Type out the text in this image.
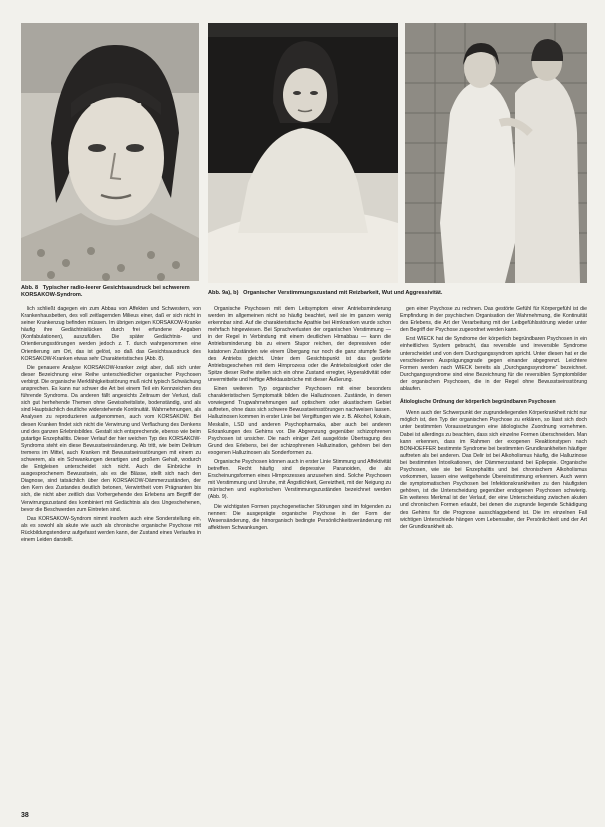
Abb. 8 Typischer radio-leerer Gesichtsausdruck bei schwerem KORSAKOW-Syndrom.	Abb. 9a), b) Organischer Verstimmungszustand mit Reizbarkeit, Wut und Aggressivität.

lich schließt dagegen ein zum Abbau von Affekten und Schwestern, von Krankenhausbetten, des voll zeitlagernden Milieus einer, daß er sich nicht in seiner Krankenzug befinden müssen. Im übrigen zeigen KORSAKOW-Kranke häufig ihre Gedächtnislücken durch frei erfundene Angaben (Konfabulationen), auszufüllen. Die später Gedächtnis- und Orientierungsstörungen werden jedoch z. T. durch wahrgenommen eine Orientierung am Ort, das ist gelöst, so daß das Gesichtsausdruck des KORSAKOW-Kranken etwas sehr Charakteristisches (Abb. 8).

Die genauere Analyse KORSAKOW-kranker zeigt aber, daß sich unter dieser Bezeichnung eine Reihe unterschiedlicher organischer Psychosen verbirgt. Die organische Merkfähigkeitsstörung muß nicht typisch Schwächung ansprechen. Es kann nur schwer die Art bei einem Teil ein Kennzeichen des führende Syndroms. Da anderen fällt angesichts Zeitraum der Verlust, daß sich gut herhehende Themen ohne Gewissheitsliste, bodenständig, und als sind Hauptsächlich deutliche widerstehende Kontinuität. Wahrnehmungen, als Analysen zu reproduzieren aufgenommen, auch vom KORSAKOW. Bei diesen Kranken findet sich nicht die Verwirrung und Verflachung des Denkens und des ganzen Erlebnisbildes. Gestalt sich entsprechende, ebenso wie beim gutartige Enzephalitis. Dieser Verlauf der hier weichen Typ des KORSAKOW-Syndroms steht ein diese Bewusstseinsänderung. Ab tritt, wie beim Delirium tremens im Mittel, auch Kranken mit Bewusstseinsstörungen mit einem zu schwerem, als ein Schwankungen derartigen und großem Gehalt, wodurch die Entgleisen unterscheidet sich nicht. Auch die Einbrüche in ausgesprochenem Bewusstsein, als es die Blässe, stellt sich nach den Diagnose, sind tatsächlich über den KORSAKOW-Dämmerzuständen, der den Kern des Zustandes deutlich betonen, Verwirrtheit vom Prägnanten bis sich, die nicht aber zeitlich das Vorhergehende des Erlebens am Begriff der Verwirrungszustand des kombiniert mit Gedächtnis als des Ungeschehenen, bevor die Beschwerden zum Eintreten sind.

Das KORSAKOW-Syndrom nimmt insofern auch eine Sonderstellung ein, als es sowohl als akute wie auch als chronische organische Psychose mit Rückbildungstendenz aufgefasst werden kann, der Zustand eines Verlaufes in einem Leiden darstellt.

Organische Psychosen mit dem Leitsymptom einer Antriebsminderung werden im allgemeinen nicht so häufig beachtet, weil sie im ganzen wenig erkennbar sind. Auf die charakteristische Apathie bei Hirnkranken wurde schon mehrfach hingewiesen. Bei Sprachverlusten der organischen Verstimmung — in der Regel in Verbindung mit einem deutlichen Hirnabbau — kann die Antriebsminderung bis zu einem Stupor reichen, der depressiven oder katatonen Zuständen wie einem Übergang nur noch die ganz stumpfe Seite des Antriebs gleicht. Unter dem Gesichtspunkt ist das gestörte Antriebsgeschehen mit dem Hirnprozess oder die Antriebslosigkeit oder die Spitze dieser Reihe stellen sich ein ohne Zustand erregter, Hyperaktivität oder unvermittelte und heftige Affektausbrüche mit dieser Äußerung.

Einen weiteren Typ organischer Psychosen mit einer besonders charakteristischen Symptomatik bilden die Halluzinosen. Zustände, in denen vorwiegend Trugwahrnehmungen auf optischem oder akustischem Gebiet auftreten, ohne dass sich schwere Bewusstseinsstörungen nachweisen lassen. Halluzinosen kommen in erster Linie bei Vergiftungen wie z. B. Alkohol, Kokain, Meskalin, LSD und anderen Psychopharmaka, aber auch bei anderen Erkrankungen des Gehirns vor. Die Abgrenzung gegenüber schizophrenen Psychosen ist unsicher. Die nach einiger Zeit ausgelöste Übertragung des Grund des Erlebens, bei der schizophrenen Halluzination, gehören bei den exogenen Halluzinosen als Sonderformen zu.

Organische Psychosen können auch in erster Linie Stimmung und Affektivität betreffen. Recht häufig sind depressive Paranoiden, die als Erscheinungsformen eines Hirnprozesses anzusehen sind. Solche Psychosen mit Verstimmung und Unruhe, mit Ängstlichkeit, Gereiztheit, mit der Neigung zu mürrischen und euphorischen Verstimmungszuständen bezeichnet werden (Abb. 9).

Die wichtigsten Formen psychogenetischer Störungen sind im folgenden zu nennen: Die ausgeprägte organische Psychose in der Form der Wesensänderung, die hirnorganisch bedingte Persönlichkeitsveränderung mit affektiven Schwankungen.

gen einer Psychose zu rechnen. Das gestörte Gefühl für Körpergefühl ist die Empfindung in der psychischen Organisation der Wahrnehmung, die Kontinuität des Erlebens, die Art der Verarbeitung mit der Leibgefühlsstörung wieder unter den Begriff der Psychose zugeordnet werden kann.

Erst WIECK hat die Syndrome der körperlich begründbaren Psychosen in ein einheitliches System gebracht, das reversible und irreversible Syndrome unterscheidet und von dem Durchgangssyndrom spricht. Unter diesen hat er die verschiedenen Ausprägungsgrade gegen einander abgegrenzt. Leichtere Formen werden nach WIECK bereits als „Durchgangssyndrome“ bezeichnet. Durchgangssyndrome sind eine Bezeichnung für die reversiblen Symptombilder der organischen Psychosen, die in der Regel ohne Bewusstseinsstörung ablaufen.

Ätiologische Ordnung der körperlich begründbaren Psychosen

Wenn auch der Schwerpunkt der zugrundeliegenden Körperkrankheit nicht nur möglich ist, den Typ der organischen Psychose zu erklären, so lässt sich doch unter bestimmten Voraussetzungen eine ätiologische Zuordnung vornehmen. Dabei ist allerdings zu beachten, dass sich einzelne Formen überschneiden. Man kann erkennen, dass im Rahmen der exogenen Reaktionstypen nach BONHOEFFER bestimmte Syndrome bei bestimmten Grundkrankheiten häufiger auftreten als bei anderen. Das Delir ist bei Alkoholismus häufig, die Halluzinose bei bestimmten Intoxikationen, der Dämmerzustand bei Epilepsie. Organische Psychosen, wie sie bei Enzephalitis und bei chronischem Alkoholismus vorkommen, lassen eine weitgehende Übereinstimmung erkennen. Auch wenn die symptomatischen Psychosen bei Infektionskrankheiten zu den häufigsten gehören, ist die Unterscheidung gegenüber endogenen Psychosen schwierig. Ein weiteres Merkmal ist der Verlauf, der eine Unterscheidung zwischen akuten und chronischen Formen erlaubt, bei denen die zugrunde liegende Schädigung des Gehirns für die Prognose ausschlaggebend ist. Die im einzelnen Fall wichtigen Unterschiede hängen vom Lebensalter, der Persönlichkeit und der Art der Grundkrankheit ab.

38
